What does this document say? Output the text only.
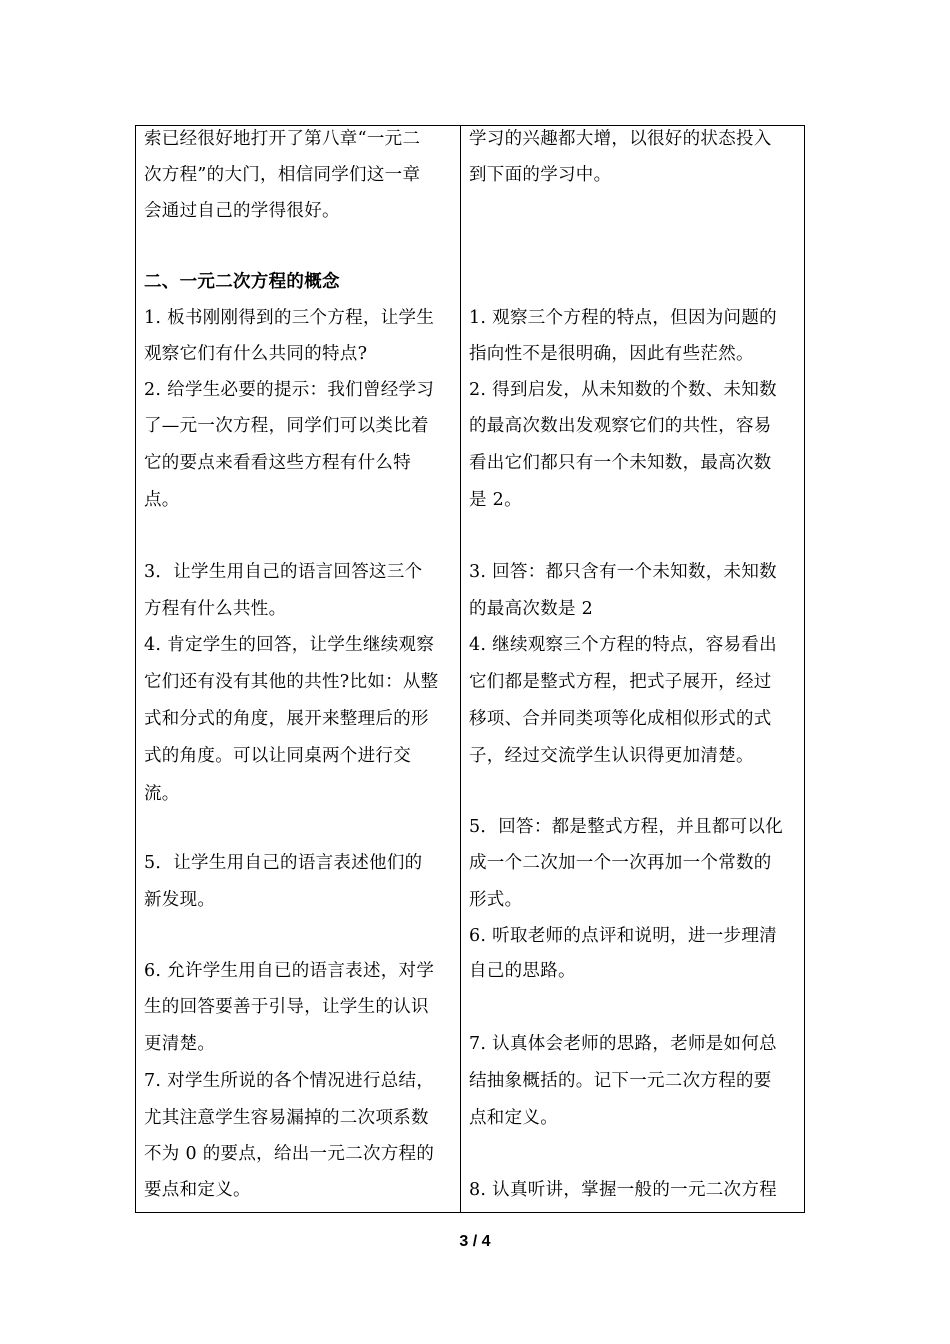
索已经很好地打开了第八章“一元二
次方程”的大门，相信同学们这一章
会通过自己的学得很好。
二、一元二次方程的概念
1. 板书刚刚得到的三个方程，让学生
观察它们有什么共同的特点?
2. 给学生必要的提示：我们曾经学习
了—元一次方程，同学们可以类比着
它的要点来看看这些方程有什么特
点。
3．让学生用自己的语言回答这三个
方程有什么共性。
4. 肯定学生的回答，让学生继续观察
它们还有没有其他的共性?比如：从整
式和分式的角度，展开来整理后的形
式的角度。可以让同桌两个进行交
流。
5．让学生用自己的语言表述他们的
新发现。
6. 允许学生用自已的语言表述，对学
生的回答要善于引导，让学生的认识
更清楚。
7. 对学生所说的各个情况进行总结，
尤其注意学生容易漏掉的二次项系数
不为 0 的要点，给出一元二次方程的
要点和定义。
学习的兴趣都大增，以很好的状态投入
到下面的学习中。
1. 观察三个方程的特点，但因为问题的
指向性不是很明确，因此有些茫然。
2. 得到启发，从未知数的个数、未知数
的最高次数出发观察它们的共性，容易
看出它们都只有一个未知数，最高次数
是 2。
3. 回答：都只含有一个未知数，未知数
的最高次数是 2
4. 继续观察三个方程的特点，容易看出
它们都是整式方程，把式子展开，经过
移项、合并同类项等化成相似形式的式
子，经过交流学生认识得更加清楚。
5．回答：都是整式方程，并且都可以化
成一个二次加一个一次再加一个常数的
形式。
6. 听取老师的点评和说明，进一步理清
自己的思路。
7. 认真体会老师的思路，老师是如何总
结抽象概括的。记下一元二次方程的要
点和定义。
8. 认真听讲，掌握一般的一元二次方程
3 / 4
